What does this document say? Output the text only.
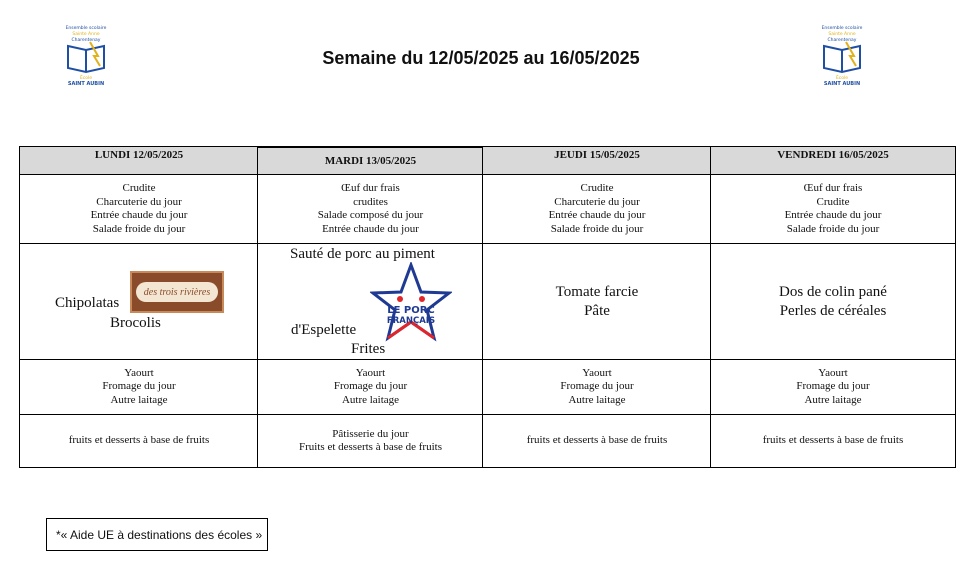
Semaine du 12/05/2025 au 16/05/2025
Ensemble scolaire
Sainte Anne
Charentenay
École
SAINT AUBIN
Ensemble scolaire
Sainte Anne
Charentenay
École
SAINT AUBIN
LUNDI 12/05/2025
Crudite
Charcuterie du jour
Entrée chaude du jour
Salade froide du jour
Chipolatas
Brocolis
des trois rivières
Yaourt
Fromage du jour
Autre laitage
fruits et desserts à base de fruits
MARDI 13/05/2025
Œuf dur frais
crudites
Salade composé du jour
Entrée chaude du jour
Sauté de porc au piment
d'Espelette
Frites
LE PORC
FRANÇAIS
Yaourt
Fromage du jour
Autre laitage
Pâtisserie du jour
Fruits et desserts à base de fruits
JEUDI 15/05/2025
Crudite
Charcuterie du jour
Entrée chaude du jour
Salade froide du jour
Tomate farcie
Pâte
Yaourt
Fromage du jour
Autre laitage
fruits et desserts à base de fruits
VENDREDI 16/05/2025
Œuf dur frais
Crudite
Entrée chaude du jour
Salade froide du jour
Dos de colin pané
Perles de céréales
Yaourt
Fromage du jour
Autre laitage
fruits et desserts à base de fruits
*« Aide UE à destinations des écoles »
